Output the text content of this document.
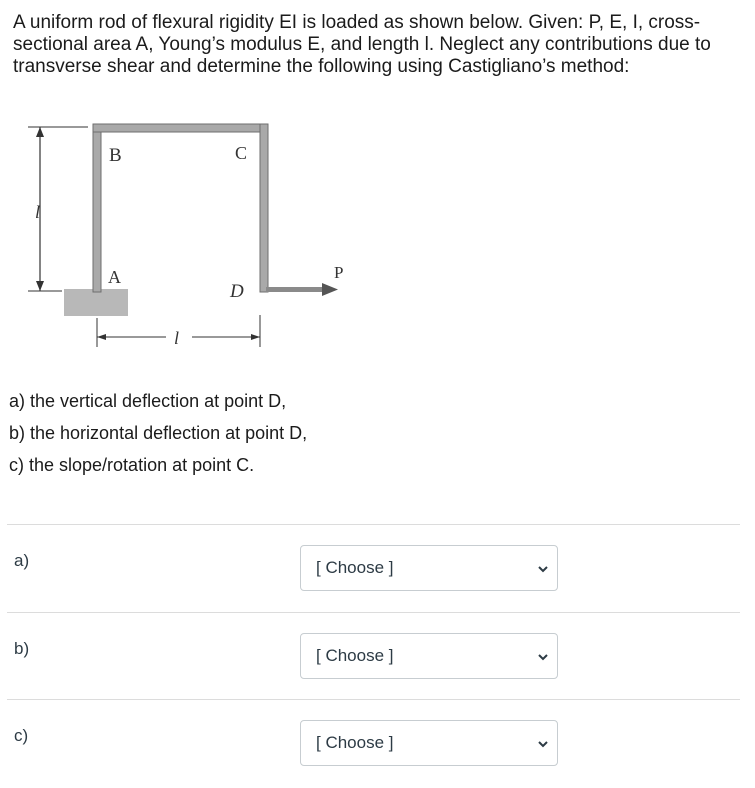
A uniform rod of flexural rigidity EI is loaded as shown below. Given: P, E, I, cross-sectional area A, Young’s modulus E, and length l. Neglect any contributions due to transverse shear and determine the following using Castigliano’s method:

l
B	C
A
D
P
l
a) the vertical deflection at point D,
b) the horizontal deflection at point D,
c) the slope/rotation at point C.
a)	[ Choose ]
b)	[ Choose ]
c)	[ Choose ]
